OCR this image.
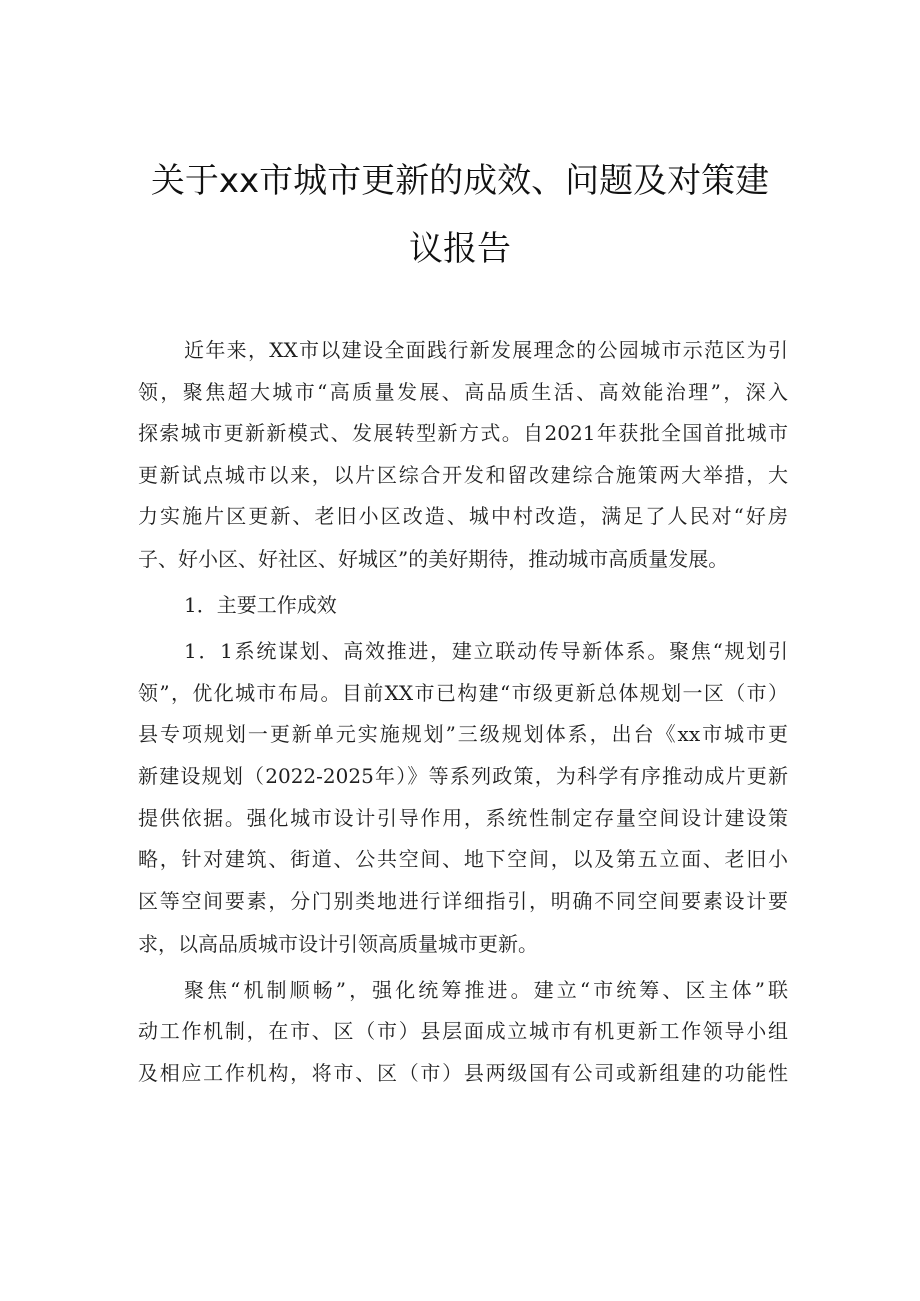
关于xx市城市更新的成效、问题及对策建
议报告
近年来，XX市以建设全面践行新发展理念的公园城市示范区为引
领，聚焦超大城市“高质量发展、高品质生活、高效能治理”，深入
探索城市更新新模式、发展转型新方式。自2021年获批全国首批城市
更新试点城市以来，以片区综合开发和留改建综合施策两大举措，大
力实施片区更新、老旧小区改造、城中村改造，满足了人民对“好房
子、好小区、好社区、好城区”的美好期待，推动城市高质量发展。
1．主要工作成效
1．1系统谋划、高效推进，建立联动传导新体系。聚焦“规划引
领”，优化城市布局。目前XX市已构建“市级更新总体规划一区（市）
县专项规划一更新单元实施规划”三级规划体系，出台《xx市城市更
新建设规划（2022-2025年）》等系列政策，为科学有序推动成片更新
提供依据。强化城市设计引导作用，系统性制定存量空间设计建设策
略，针对建筑、街道、公共空间、地下空间，以及第五立面、老旧小
区等空间要素，分门别类地进行详细指引，明确不同空间要素设计要
求，以高品质城市设计引领高质量城市更新。
聚焦“机制顺畅”，强化统筹推进。建立“市统筹、区主体”联
动工作机制，在市、区（市）县层面成立城市有机更新工作领导小组
及相应工作机构，将市、区（市）县两级国有公司或新组建的功能性
